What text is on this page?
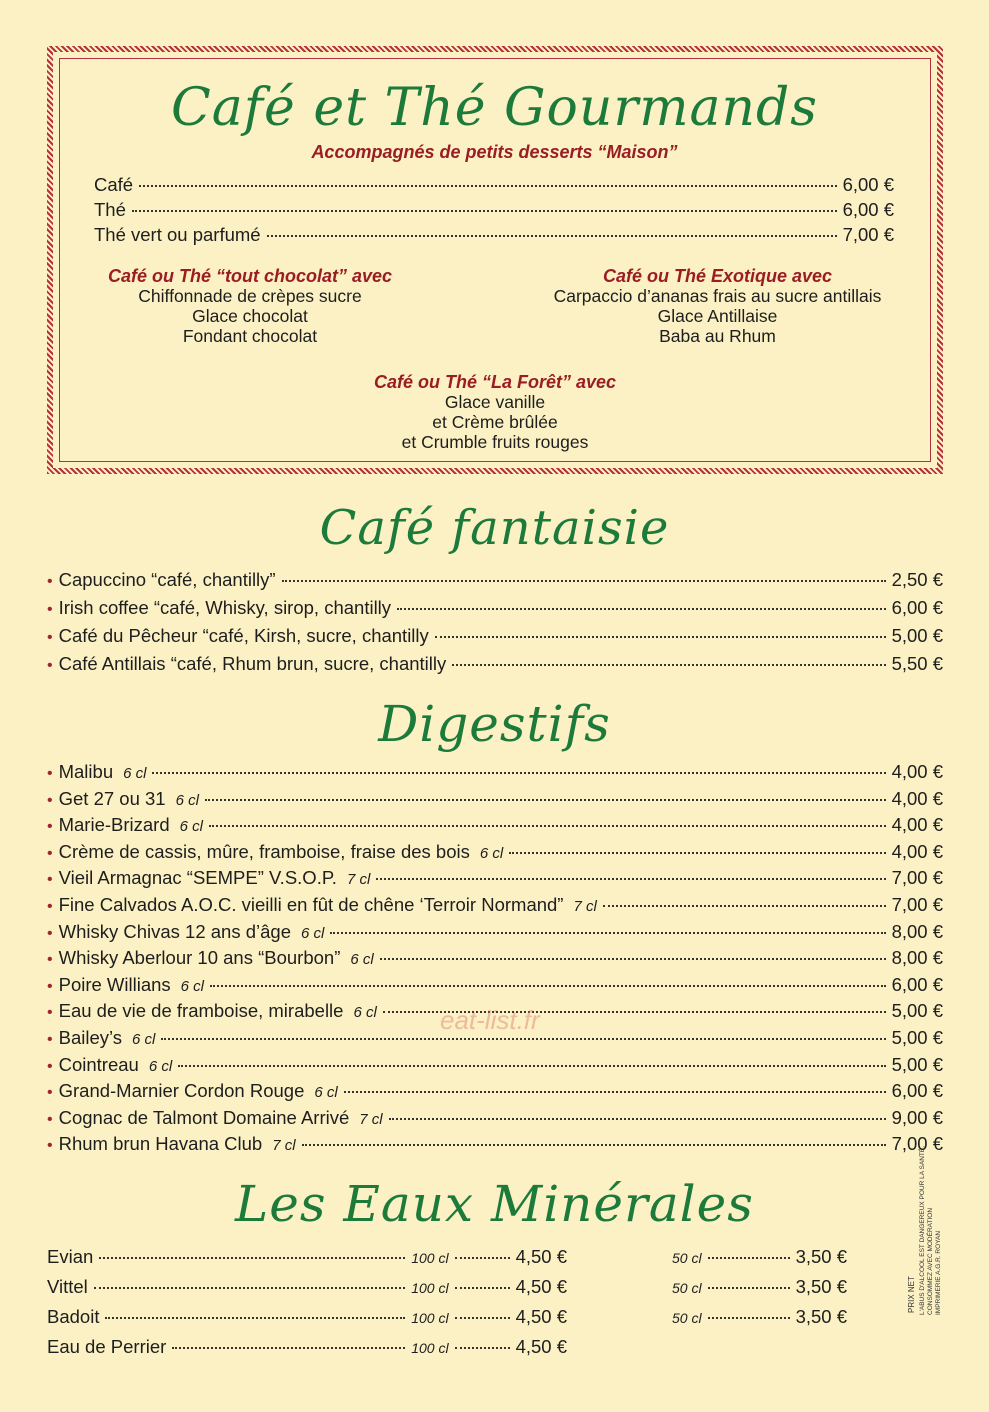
Café et Thé Gourmands
Accompagnés de petits desserts “Maison”
Café	6,00 €
Thé	6,00 €
Thé vert ou parfumé	7,00 €
Café ou Thé “tout chocolat” avec
Chiffonnade de crèpes sucre
Glace chocolat
Fondant chocolat
Café ou Thé Exotique avec
Carpaccio d’ananas frais au sucre antillais
Glace Antillaise
Baba au Rhum
Café ou Thé “La Forêt” avec
Glace vanille
et Crème brûlée
et Crumble fruits rouges
Café fantaisie
• Capuccino “café, chantilly”	2,50 €
• Irish coffee “café, Whisky, sirop, chantilly	6,00 €
• Café du Pêcheur “café, Kirsh, sucre, chantilly	5,00 €
• Café Antillais “café, Rhum brun, sucre, chantilly	5,50 €
Digestifs
• Malibu 6 cl	4,00 €
• Get 27 ou 31 6 cl	4,00 €
• Marie-Brizard 6 cl	4,00 €
• Crème de cassis, mûre, framboise, fraise des bois 6 cl	4,00 €
• Vieil Armagnac “SEMPE” V.S.O.P. 7 cl	7,00 €
• Fine Calvados A.O.C. vieilli en fût de chêne ‘Terroir Normand” 7 cl	7,00 €
• Whisky Chivas 12 ans d’âge 6 cl	8,00 €
• Whisky Aberlour 10 ans “Bourbon” 6 cl	8,00 €
• Poire Willians 6 cl	6,00 €
• Eau de vie de framboise, mirabelle 6 cl	5,00 €
• Bailey’s 6 cl	5,00 €
• Cointreau 6 cl	5,00 €
• Grand-Marnier Cordon Rouge 6 cl	6,00 €
• Cognac de Talmont Domaine Arrivé 7 cl	9,00 €
• Rhum brun Havana Club 7 cl	7,00 €
Les Eaux Minérales
Evian	100 cl	4,50 €	50 cl	3,50 €
Vittel	100 cl	4,50 €	50 cl	3,50 €
Badoit	100 cl	4,50 €	50 cl	3,50 €
Eau de Perrier	100 cl	4,50 €
eat-list.fr
PRIX NET L'ABUS D'ALCOOL EST DANGEREUX POUR LA SANTÉ, CONSOMMEZ AVEC MODÉRATION IMPRIMERIE A.G.R. ROYAN
